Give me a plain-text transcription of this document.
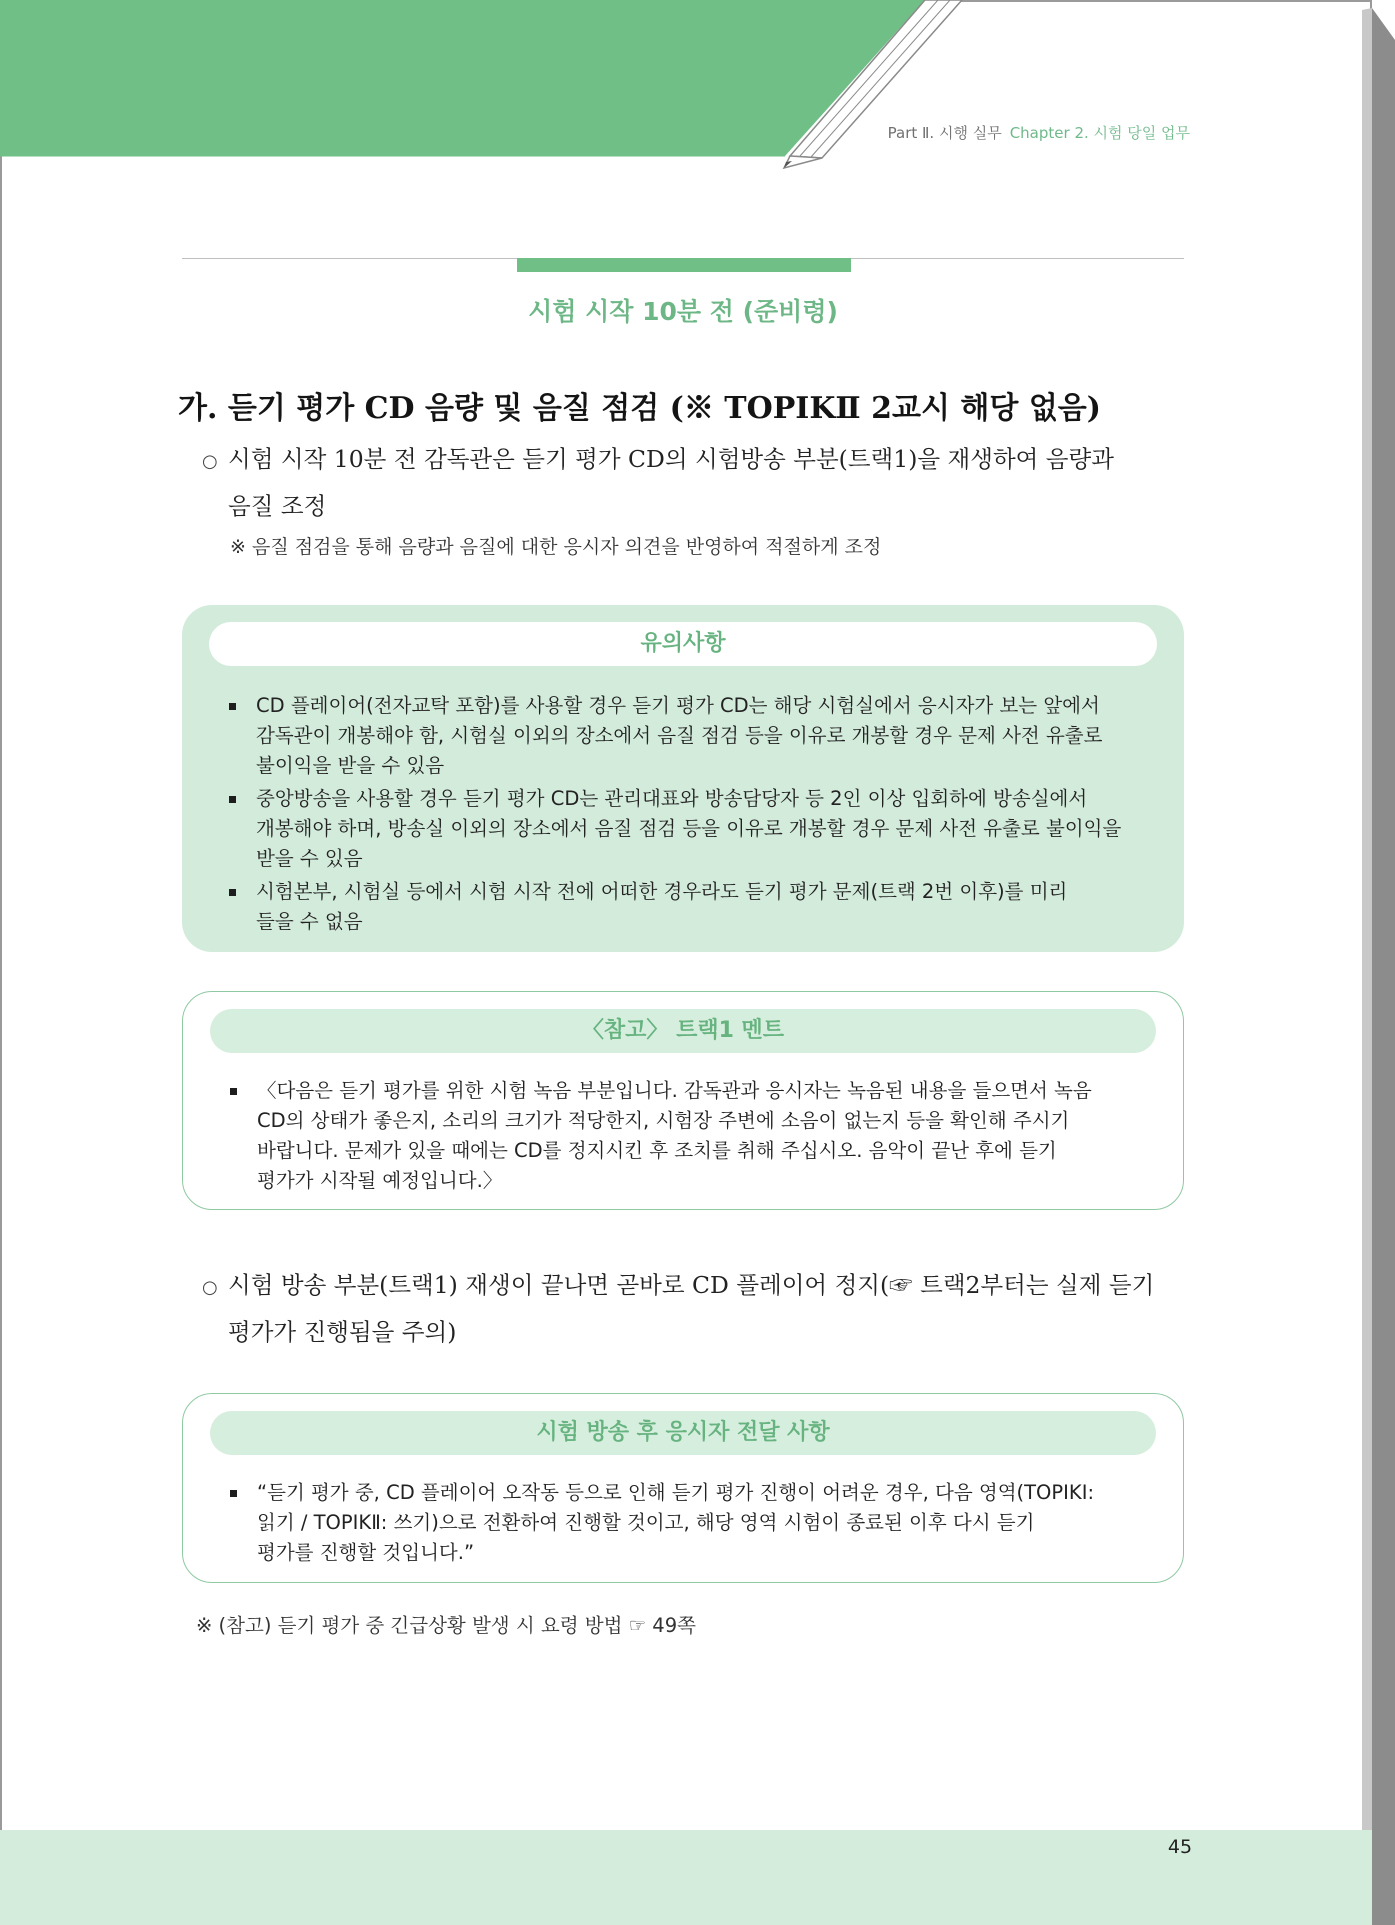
Part Ⅱ. 시행 실무 Chapter 2. 시험 당일 업무
시험 시작 10분 전 (준비령)
가. 듣기 평가 CD 음량 및 음질 점검 (※ TOPIKⅡ 2교시 해당 없음)
○ 시험 시작 10분 전 감독관은 듣기 평가 CD의 시험방송 부분(트랙1)을 재생하여 음량과
음질 조정
※ 음질 점검을 통해 음량과 음질에 대한 응시자 의견을 반영하여 적절하게 조정
유의사항
CD 플레이어(전자교탁 포함)를 사용할 경우 듣기 평가 CD는 해당 시험실에서 응시자가 보는 앞에서
감독관이 개봉해야 함, 시험실 이외의 장소에서 음질 점검 등을 이유로 개봉할 경우 문제 사전 유출로
불이익을 받을 수 있음
중앙방송을 사용할 경우 듣기 평가 CD는 관리대표와 방송담당자 등 2인 이상 입회하에 방송실에서
개봉해야 하며, 방송실 이외의 장소에서 음질 점검 등을 이유로 개봉할 경우 문제 사전 유출로 불이익을
받을 수 있음
시험본부, 시험실 등에서 시험 시작 전에 어떠한 경우라도 듣기 평가 문제(트랙 2번 이후)를 미리
들을 수 없음
〈참고〉 트랙1 멘트
〈다음은 듣기 평가를 위한 시험 녹음 부분입니다. 감독관과 응시자는 녹음된 내용을 들으면서 녹음
CD의 상태가 좋은지, 소리의 크기가 적당한지, 시험장 주변에 소음이 없는지 등을 확인해 주시기
바랍니다. 문제가 있을 때에는 CD를 정지시킨 후 조치를 취해 주십시오. 음악이 끝난 후에 듣기
평가가 시작될 예정입니다.〉
○ 시험 방송 부분(트랙1) 재생이 끝나면 곧바로 CD 플레이어 정지(☞ 트랙2부터는 실제 듣기
평가가 진행됨을 주의)
시험 방송 후 응시자 전달 사항
“듣기 평가 중, CD 플레이어 오작동 등으로 인해 듣기 평가 진행이 어려운 경우, 다음 영역(TOPIKⅠ:
읽기 / TOPIKⅡ: 쓰기)으로 전환하여 진행할 것이고, 해당 영역 시험이 종료된 이후 다시 듣기
평가를 진행할 것입니다.”
※ (참고) 듣기 평가 중 긴급상황 발생 시 요령 방법 ☞ 49쪽
45
